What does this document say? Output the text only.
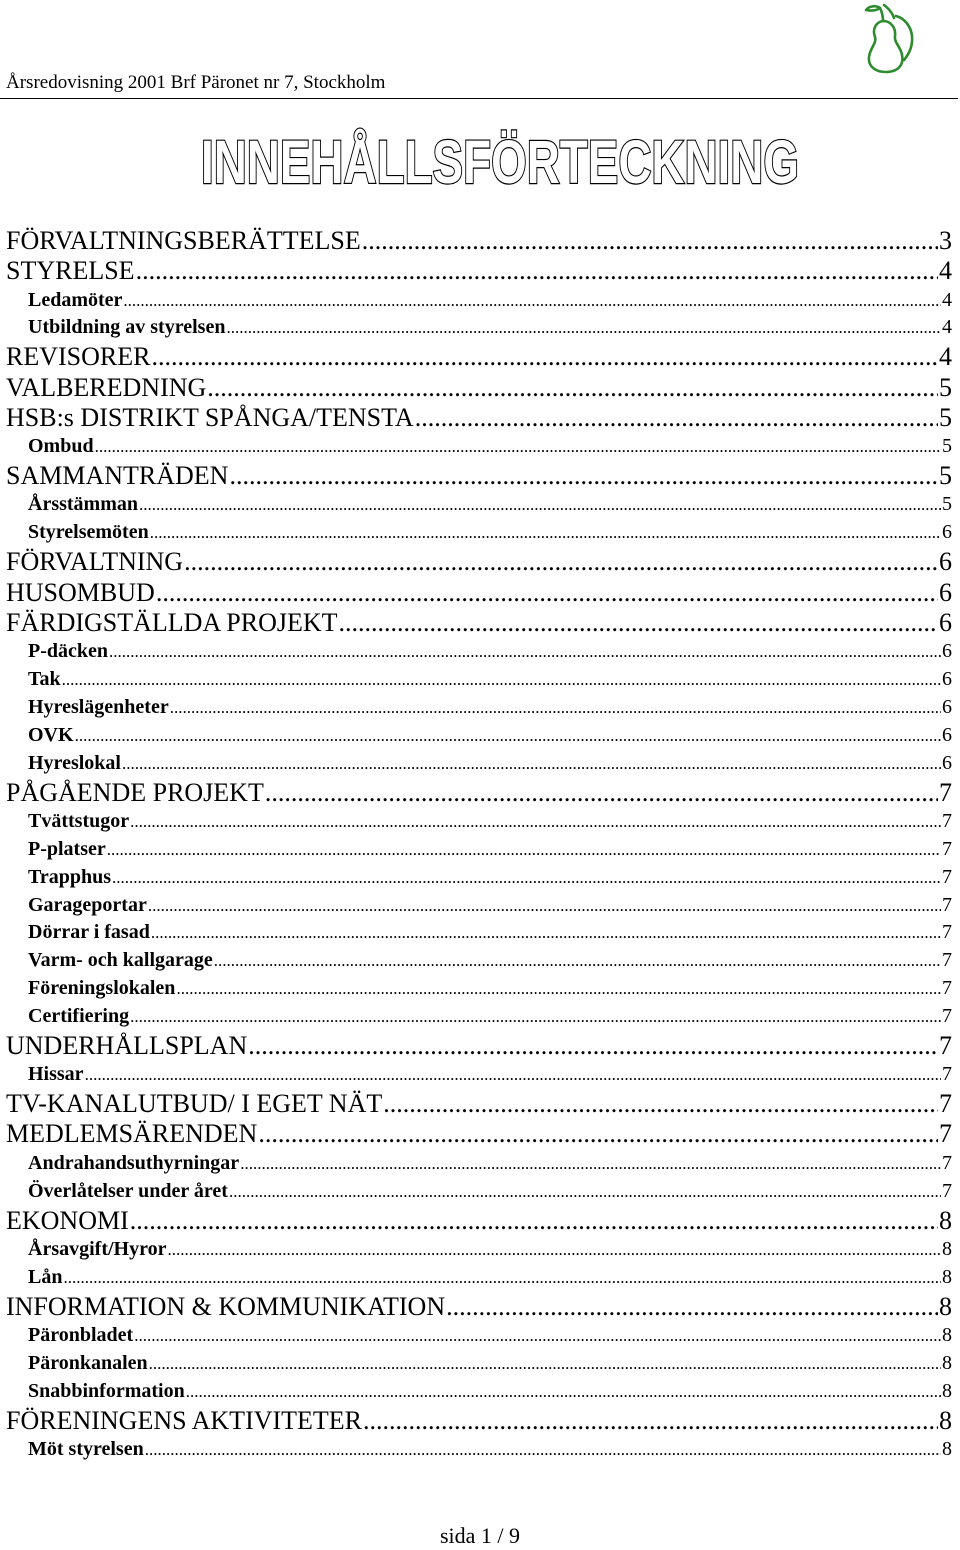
Årsredovisning 2001 Brf Päronet nr 7, Stockholm
INNEHÅLLSFÖRTECKNING
FÖRVALTNINGSBERÄTTELSE .....	3
STYRELSE .....	4
Ledamöter .....	4
Utbildning av styrelsen .....	4
REVISORER .....	4
VALBEREDNING .....	5
HSB:s DISTRIKT SPÅNGA/TENSTA .....	5
Ombud .....	5
SAMMANTRÄDEN .....	5
Årsstämman .....	5
Styrelsemöten .....	6
FÖRVALTNING .....	6
HUSOMBUD .....	6
FÄRDIGSTÄLLDA PROJEKT .....	6
P-däcken .....	6
Tak .....	6
Hyreslägenheter .....	6
OVK .....	6
Hyreslokal .....	6
PÅGÅENDE PROJEKT .....	7
Tvättstugor .....	7
P-platser .....	7
Trapphus .....	7
Garageportar .....	7
Dörrar i fasad .....	7
Varm- och kallgarage .....	7
Föreningslokalen .....	7
Certifiering .....	7
UNDERHÅLLSPLAN .....	7
Hissar .....	7
TV-KANALUTBUD/ I EGET NÄT .....	7
MEDLEMSÄRENDEN .....	7
Andrahandsuthyrningar .....	7
Överlåtelser under året .....	7
EKONOMI .....	8
Årsavgift/Hyror .....	8
Lån .....	8
INFORMATION & KOMMUNIKATION .....	8
Päronbladet .....	8
Päronkanalen .....	8
Snabbinformation .....	8
FÖRENINGENS AKTIVITETER .....	8
Möt styrelsen .....	8
sida 1 / 9
